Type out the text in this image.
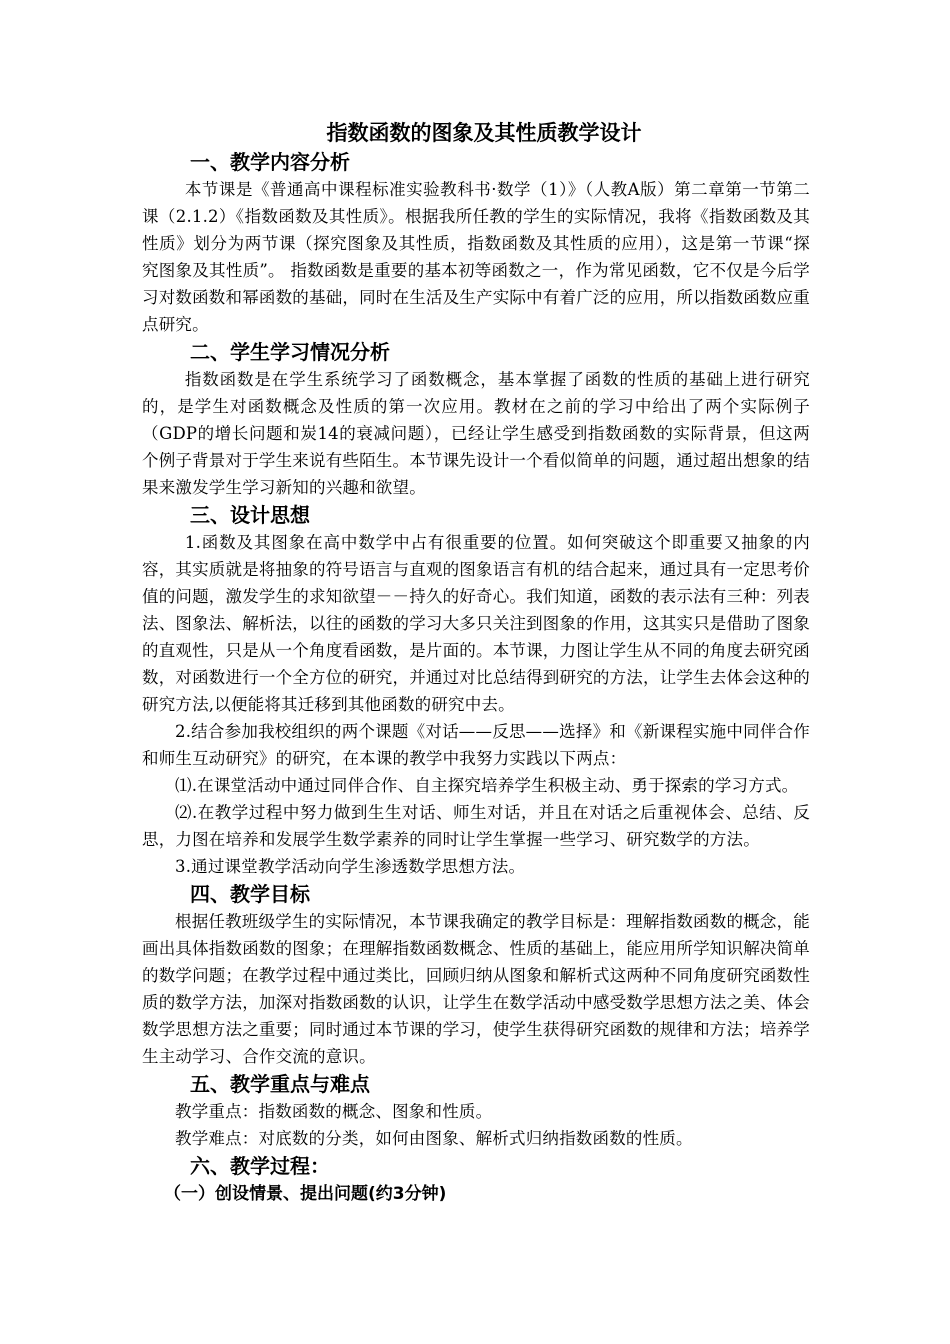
指数函数的图象及其性质教学设计
一、教学内容分析

本节课是《普通高中课程标准实验教科书·数学（1）》（人教A版）第二章第一节第二课（2.1.2）《指数函数及其性质》。根据我所任教的学生的实际情况，我将《指数函数及其性质》划分为两节课（探究图象及其性质，指数函数及其性质的应用），这是第一节课“探究图象及其性质”。 指数函数是重要的基本初等函数之一，作为常见函数，它不仅是今后学习对数函数和幂函数的基础，同时在生活及生产实际中有着广泛的应用，所以指数函数应重点研究。

二、学生学习情况分析

指数函数是在学生系统学习了函数概念，基本掌握了函数的性质的基础上进行研究的，是学生对函数概念及性质的第一次应用。教材在之前的学习中给出了两个实际例子（GDP的增长问题和炭14的衰减问题），已经让学生感受到指数函数的实际背景，但这两个例子背景对于学生来说有些陌生。本节课先设计一个看似简单的问题，通过超出想象的结果来激发学生学习新知的兴趣和欲望。

三、设计思想

1.函数及其图象在高中数学中占有很重要的位置。如何突破这个即重要又抽象的内容，其实质就是将抽象的符号语言与直观的图象语言有机的结合起来，通过具有一定思考价值的问题，激发学生的求知欲望－－持久的好奇心。我们知道，函数的表示法有三种：列表法、图象法、解析法，以往的函数的学习大多只关注到图象的作用，这其实只是借助了图象的直观性，只是从一个角度看函数，是片面的。本节课，力图让学生从不同的角度去研究函数，对函数进行一个全方位的研究，并通过对比总结得到研究的方法，让学生去体会这种的研究方法,以便能将其迁移到其他函数的研究中去。

2.结合参加我校组织的两个课题《对话——反思——选择》和《新课程实施中同伴合作和师生互动研究》的研究，在本课的教学中我努力实践以下两点：

⑴.在课堂活动中通过同伴合作、自主探究培养学生积极主动、勇于探索的学习方式。

⑵.在教学过程中努力做到生生对话、师生对话，并且在对话之后重视体会、总结、反思，力图在培养和发展学生数学素养的同时让学生掌握一些学习、研究数学的方法。

3.通过课堂教学活动向学生渗透数学思想方法。

四、教学目标

根据任教班级学生的实际情况，本节课我确定的教学目标是：理解指数函数的概念，能画出具体指数函数的图象；在理解指数函数概念、性质的基础上，能应用所学知识解决简单的数学问题；在教学过程中通过类比，回顾归纳从图象和解析式这两种不同角度研究函数性质的数学方法，加深对指数函数的认识，让学生在数学活动中感受数学思想方法之美、体会数学思想方法之重要；同时通过本节课的学习，使学生获得研究函数的规律和方法；培养学生主动学习、合作交流的意识。

五、教学重点与难点

教学重点：指数函数的概念、图象和性质。

教学难点：对底数的分类，如何由图象、解析式归纳指数函数的性质。

六、教学过程：
（一）创设情景、提出问题(约3分钟)
